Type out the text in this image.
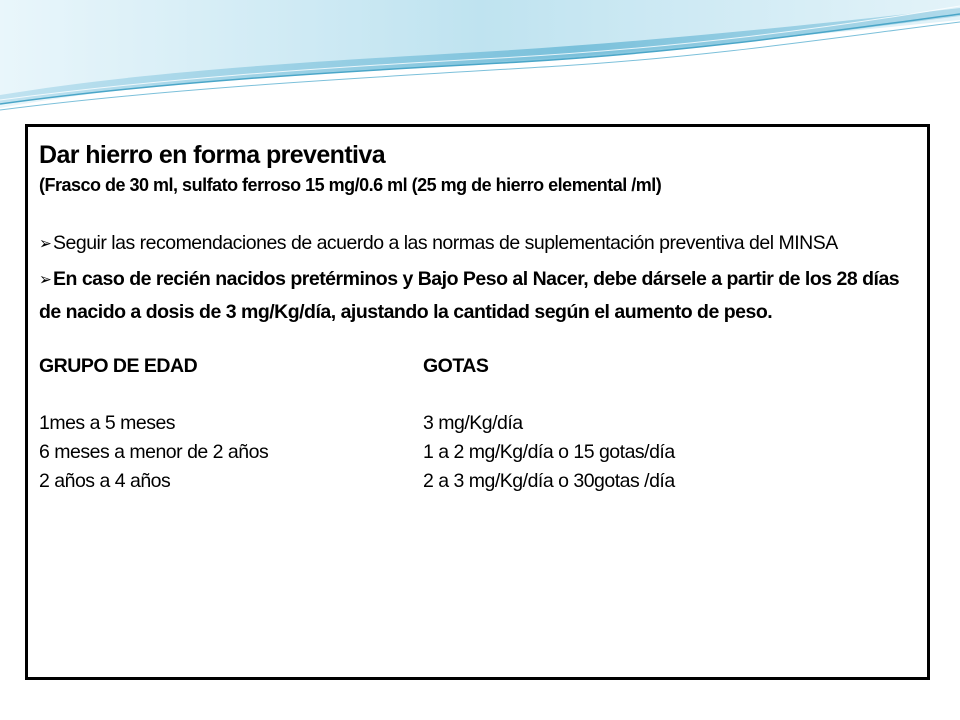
Dar hierro en forma preventiva
(Frasco de 30 ml, sulfato ferroso 15 mg/0.6 ml (25 mg de hierro elemental /ml)
➢Seguir las recomendaciones de acuerdo a las normas de suplementación preventiva del MINSA
➢En caso de recién nacidos pretérminos y Bajo Peso al Nacer, debe dársele a partir de los 28 días de nacido a dosis de 3 mg/Kg/día, ajustando la cantidad según el aumento de peso.
GRUPO DE EDAD	GOTAS
1mes a 5 meses	3 mg/Kg/día
6 meses a menor de 2 años	1 a 2 mg/Kg/día o 15 gotas/día
2 años a 4 años	2 a 3 mg/Kg/día o 30gotas /día
